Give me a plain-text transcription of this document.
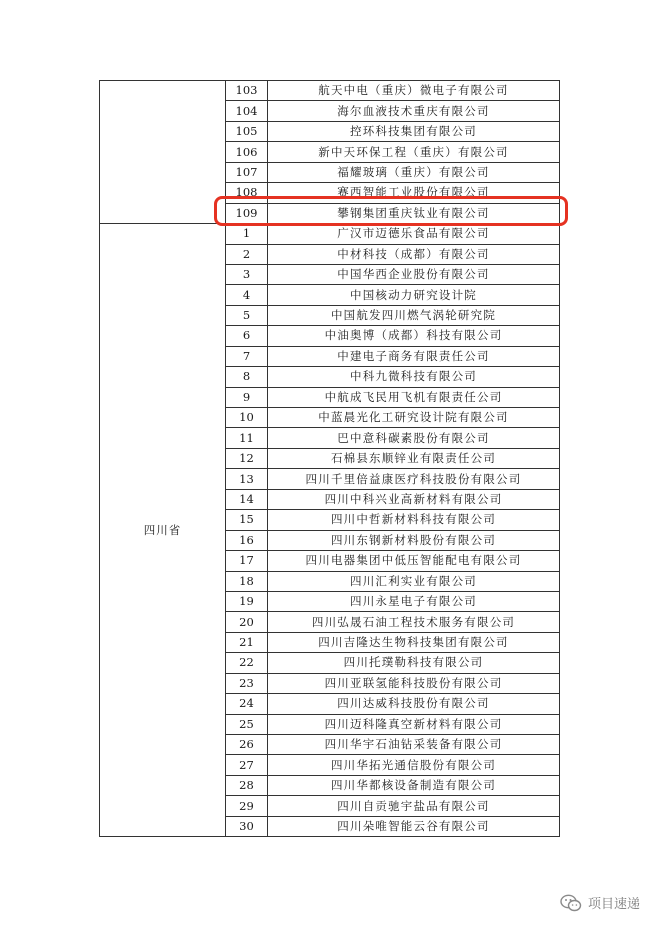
	103	航天中电（重庆）微电子有限公司
	104	海尔血液技术重庆有限公司
	105	控环科技集团有限公司
	106	新中天环保工程（重庆）有限公司
	107	福耀玻璃（重庆）有限公司
	108	赛西智能工业股份有限公司
	109	攀钢集团重庆钛业有限公司
四川省	1	广汉市迈德乐食品有限公司
	2	中材科技（成都）有限公司
	3	中国华西企业股份有限公司
	4	中国核动力研究设计院
	5	中国航发四川燃气涡轮研究院
	6	中油奥博（成都）科技有限公司
	7	中建电子商务有限责任公司
	8	中科九微科技有限公司
	9	中航成飞民用飞机有限责任公司
	10	中蓝晨光化工研究设计院有限公司
	11	巴中意科碳素股份有限公司
	12	石棉县东顺锌业有限责任公司
	13	四川千里倍益康医疗科技股份有限公司
	14	四川中科兴业高新材料有限公司
	15	四川中哲新材料科技有限公司
	16	四川东钢新材料股份有限公司
	17	四川电器集团中低压智能配电有限公司
	18	四川汇利实业有限公司
	19	四川永星电子有限公司
	20	四川弘晟石油工程技术服务有限公司
	21	四川吉隆达生物科技集团有限公司
	22	四川托璞勒科技有限公司
	23	四川亚联氢能科技股份有限公司
	24	四川达威科技股份有限公司
	25	四川迈科隆真空新材料有限公司
	26	四川华宇石油钻采装备有限公司
	27	四川华拓光通信股份有限公司
	28	四川华都核设备制造有限公司
	29	四川自贡驰宇盐品有限公司
	30	四川朵唯智能云谷有限公司
项目速递
